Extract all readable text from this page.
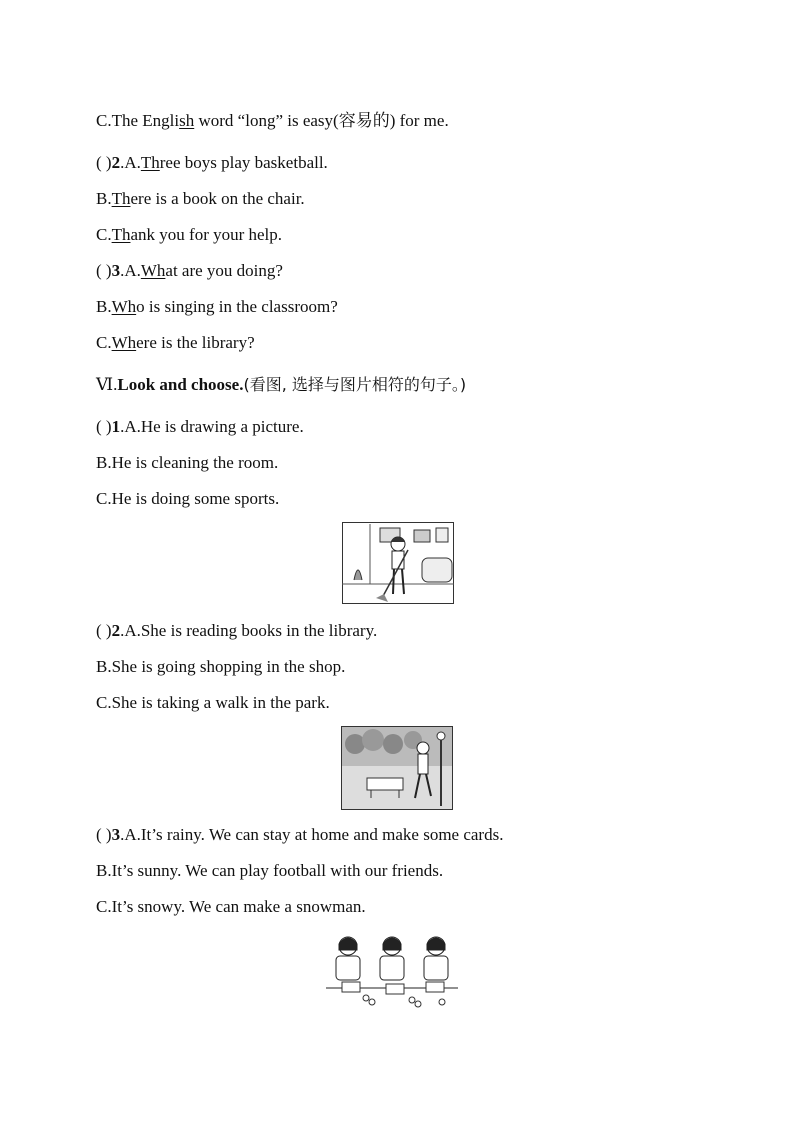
C.The English word “long” is easy(容易的) for me.
( )2.A.Three boys play basketball.
B.There is a book on the chair.
C.Thank you for your help.
( )3.A.What are you doing?
B.Who is singing in the classroom?
C.Where is the library?
Ⅵ.Look and choose.(看图, 选择与图片相符的句子。)
( )1.A.He is drawing a picture.
B.He is cleaning the room.
C.He is doing some sports.
( )2.A.She is reading books in the library.
B.She is going shopping in the shop.
C.She is taking a walk in the park.
( )3.A.It’s rainy. We can stay at home and make some cards.
B.It’s sunny. We can play football with our friends.
C.It’s snowy. We can make a snowman.
